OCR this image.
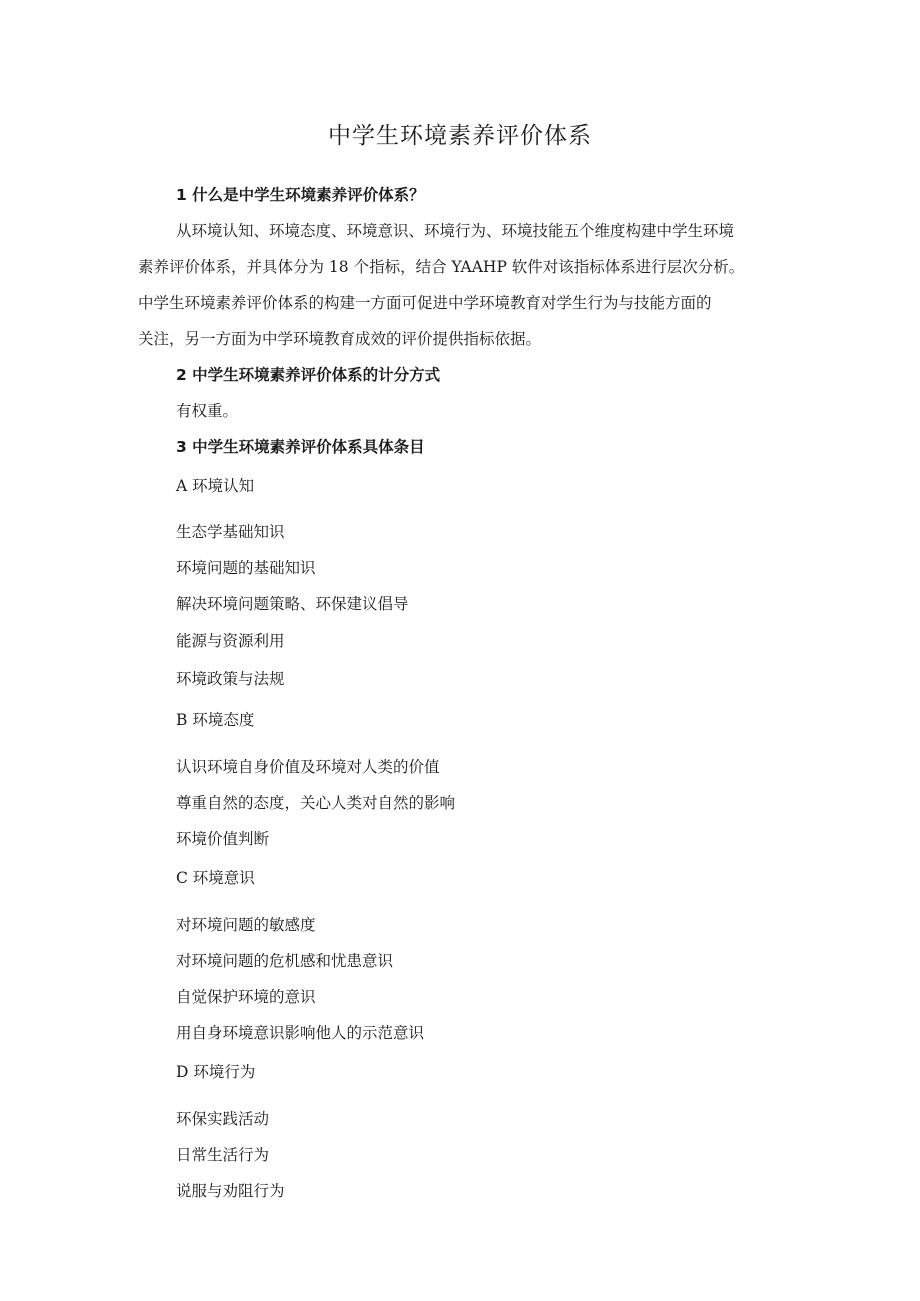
中学生环境素养评价体系
1 什么是中学生环境素养评价体系？
从环境认知、环境态度、环境意识、环境行为、环境技能五个维度构建中学生环境
素养评价体系，并具体分为 18 个指标，结合 YAAHP 软件对该指标体系进行层次分析。
中学生环境素养评价体系的构建一方面可促进中学环境教育对学生行为与技能方面的
关注，另一方面为中学环境教育成效的评价提供指标依据。
2 中学生环境素养评价体系的计分方式
有权重。
3 中学生环境素养评价体系具体条目
A 环境认知
生态学基础知识
环境问题的基础知识
解决环境问题策略、环保建议倡导
能源与资源利用
环境政策与法规
B 环境态度
认识环境自身价值及环境对人类的价值
尊重自然的态度，关心人类对自然的影响
环境价值判断
C 环境意识
对环境问题的敏感度
对环境问题的危机感和忧患意识
自觉保护环境的意识
用自身环境意识影响他人的示范意识
D 环境行为
环保实践活动
日常生活行为
说服与劝阻行为
